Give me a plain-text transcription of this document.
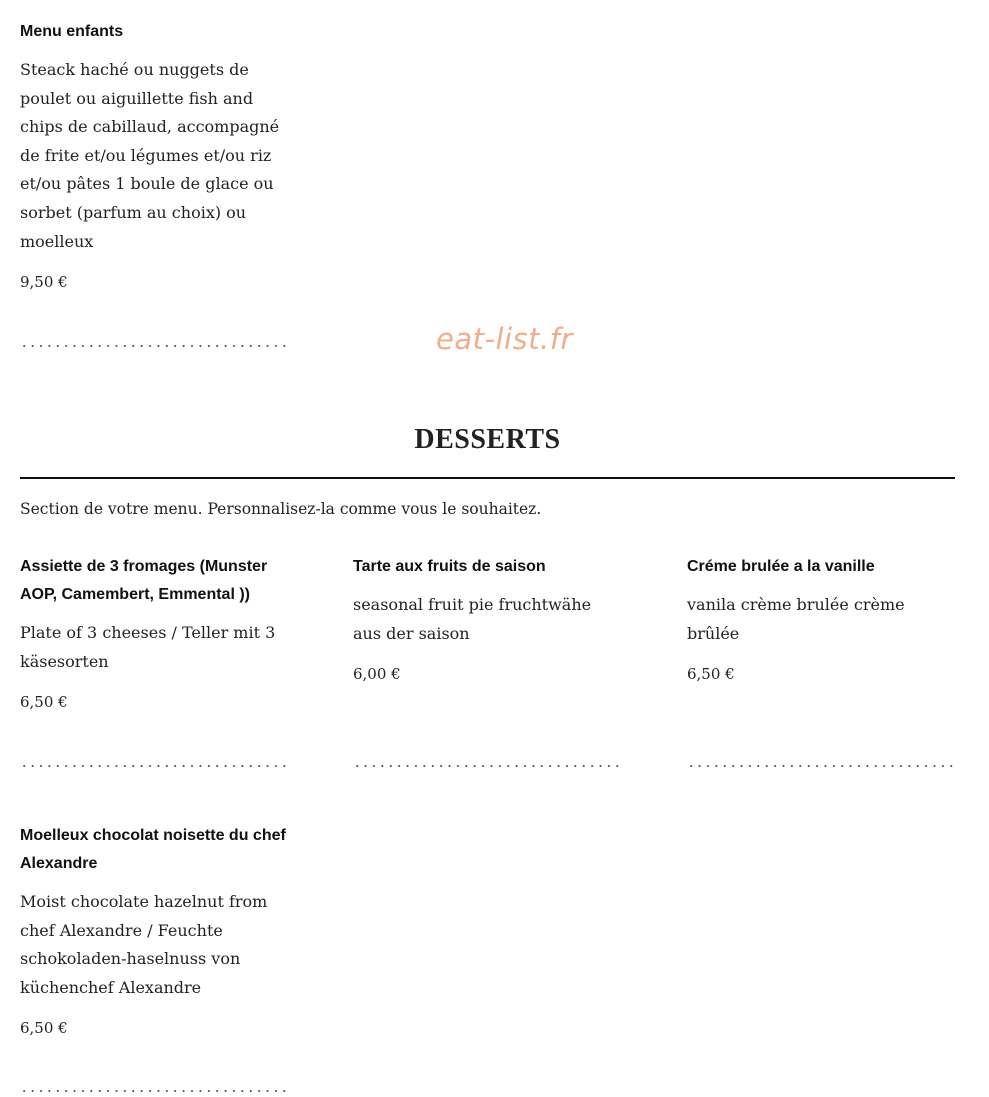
Menu enfants

Steack haché ou nuggets de poulet ou aiguillette fish and chips de cabillaud, accompagné de frite et/ou légumes et/ou riz et/ou pâtes 1 boule de glace ou sorbet (parfum au choix) ou moelleux

9,50 €

eat-list.fr
DESSERTS

Section de votre menu. Personnalisez-la comme vous le souhaitez.

Assiette de 3 fromages (Munster AOP, Camembert, Emmental ))

Plate of 3 cheeses / Teller mit 3 käsesorten

6,50 €

Tarte aux fruits de saison

seasonal fruit pie fruchtwähe aus der saison

6,00 €

Créme brulée a la vanille

vanila crème brulée crème brûlée

6,50 €

Moelleux chocolat noisette du chef Alexandre

Moist chocolate hazelnut from chef Alexandre / Feuchte schokoladen-haselnuss von küchenchef Alexandre

6,50 €
